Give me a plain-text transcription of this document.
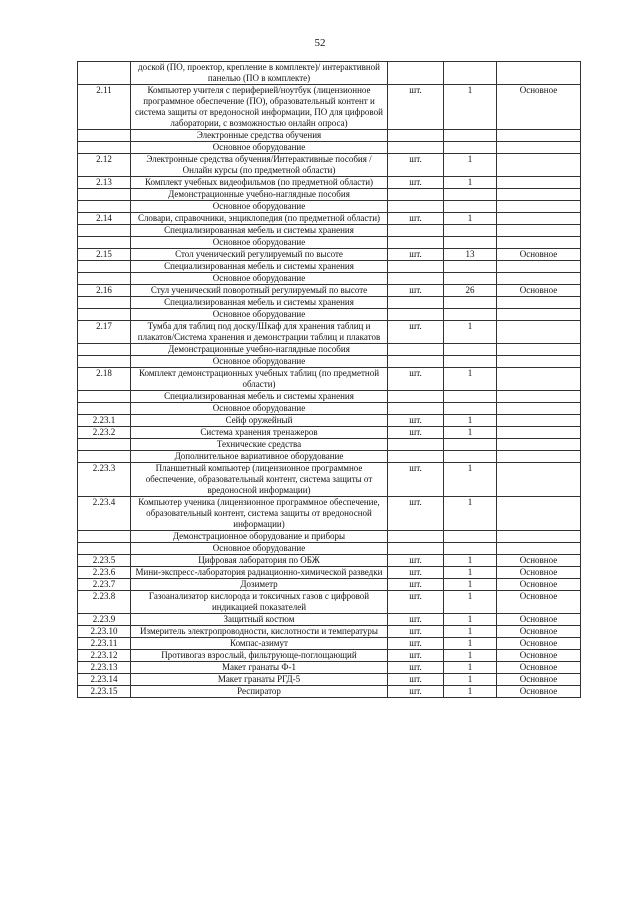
52
	доской (ПО, проектор, крепление в комплекте)/ интерактивной панелью (ПО в комплекте)			
2.11	Компьютер учителя с периферией/ноутбук (лицензионное программное обеспечение (ПО), образовательный контент и система защиты от вредоносной информации, ПО для цифровой лаборатории, с возможностью онлайн опроса)	шт.	1	Основное
	Электронные средства обучения			
	Основное оборудование			
2.12	Электронные средства обучения/Интерактивные пособия / Онлайн курсы (по предметной области)	шт.	1	
2.13	Комплект учебных видеофильмов (по предметной области)	шт.	1	
	Демонстрационные учебно-наглядные пособия			
	Основное оборудование			
2.14	Словари, справочники, энциклопедия (по предметной области)	шт.	1	
	Специализированная мебель и системы хранения			
	Основное оборудование			
2.15	Стол ученический регулируемый по высоте	шт.	13	Основное
	Специализированная мебель и системы хранения			
	Основное оборудование			
2.16	Стул ученический поворотный регулируемый по высоте	шт.	26	Основное
	Специализированная мебель и системы хранения			
	Основное оборудование			
2.17	Тумба для таблиц под доску/Шкаф для хранения таблиц и плакатов/Система хранения и демонстрации таблиц и плакатов	шт.	1	
	Демонстрационные учебно-наглядные пособия			
	Основное оборудование			
2.18	Комплект демонстрационных учебных таблиц (по предметной области)	шт.	1	
	Специализированная мебель и системы хранения			
	Основное оборудование			
2.23.1	Сейф оружейный	шт.	1	
2.23.2	Система хранения тренажеров	шт.	1	
	Технические средства			
	Дополнительное вариативное оборудование			
2.23.3	Планшетный компьютер (лицензионное программное обеспечение, образовательный контент, система защиты от вредоносной информации)	шт.	1	
2.23.4	Компьютер ученика (лицензионное программное обеспечение, образовательный контент, система защиты от вредоносной информации)	шт.	1	
	Демонстрационное оборудование и приборы			
	Основное оборудование			
2.23.5	Цифровая лаборатория по ОБЖ	шт.	1	Основное
2.23.6	Мини-экспресс-лаборатория радиационно-химической разведки	шт.	1	Основное
2.23.7	Дозиметр	шт.	1	Основное
2.23.8	Газоанализатор кислорода и токсичных газов с цифровой индикацией показателей	шт.	1	Основное
2.23.9	Защитный костюм	шт.	1	Основное
2.23.10	Измеритель электропроводности, кислотности и температуры	шт.	1	Основное
2.23.11	Компас-азимут	шт.	1	Основное
2.23.12	Противогаз взрослый, фильтрующе-поглощающий	шт.	1	Основное
2.23.13	Макет гранаты Ф-1	шт.	1	Основное
2.23.14	Макет гранаты РГД-5	шт.	1	Основное
2.23.15	Респиратор	шт.	1	Основное
